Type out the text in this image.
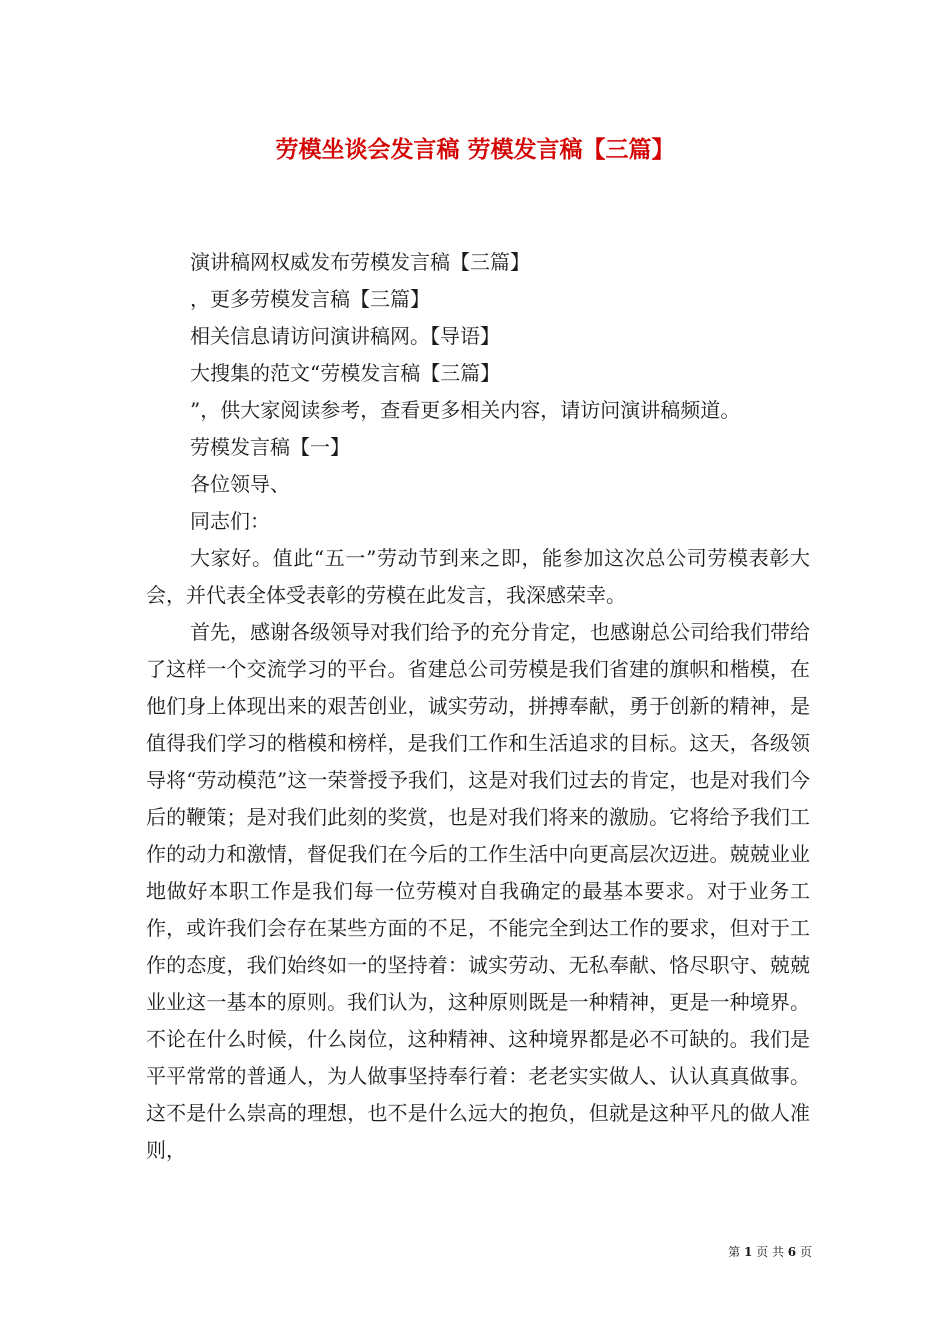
劳模坐谈会发言稿 劳模发言稿【三篇】

演讲稿网权威发布劳模发言稿【三篇】

，更多劳模发言稿【三篇】

相关信息请访问演讲稿网。【导语】

大搜集的范文“劳模发言稿【三篇】

”，供大家阅读参考，查看更多相关内容，请访问演讲稿频道。

劳模发言稿【一】

各位领导、

同志们：

大家好。值此“五一”劳动节到来之即，能参加这次总公司劳模表彰大会，并代表全体受表彰的劳模在此发言，我深感荣幸。

首先，感谢各级领导对我们给予的充分肯定，也感谢总公司给我们带给了这样一个交流学习的平台。省建总公司劳模是我们省建的旗帜和楷模，在他们身上体现出来的艰苦创业，诚实劳动，拼搏奉献，勇于创新的精神，是值得我们学习的楷模和榜样，是我们工作和生活追求的目标。这天，各级领导将“劳动模范”这一荣誉授予我们，这是对我们过去的肯定，也是对我们今后的鞭策；是对我们此刻的奖赏，也是对我们将来的激励。它将给予我们工作的动力和激情，督促我们在今后的工作生活中向更高层次迈进。兢兢业业地做好本职工作是我们每一位劳模对自我确定的最基本要求。对于业务工作，或许我们会存在某些方面的不足，不能完全到达工作的要求，但对于工作的态度，我们始终如一的坚持着：诚实劳动、无私奉献、恪尽职守、兢兢业业这一基本的原则。我们认为，这种原则既是一种精神，更是一种境界。不论在什么时候，什么岗位，这种精神、这种境界都是必不可缺的。我们是平平常常的普通人，为人做事坚持奉行着：老老实实做人、认认真真做事。这不是什么崇高的理想，也不是什么远大的抱负，但就是这种平凡的做人准则，

第 1 页 共 6 页
